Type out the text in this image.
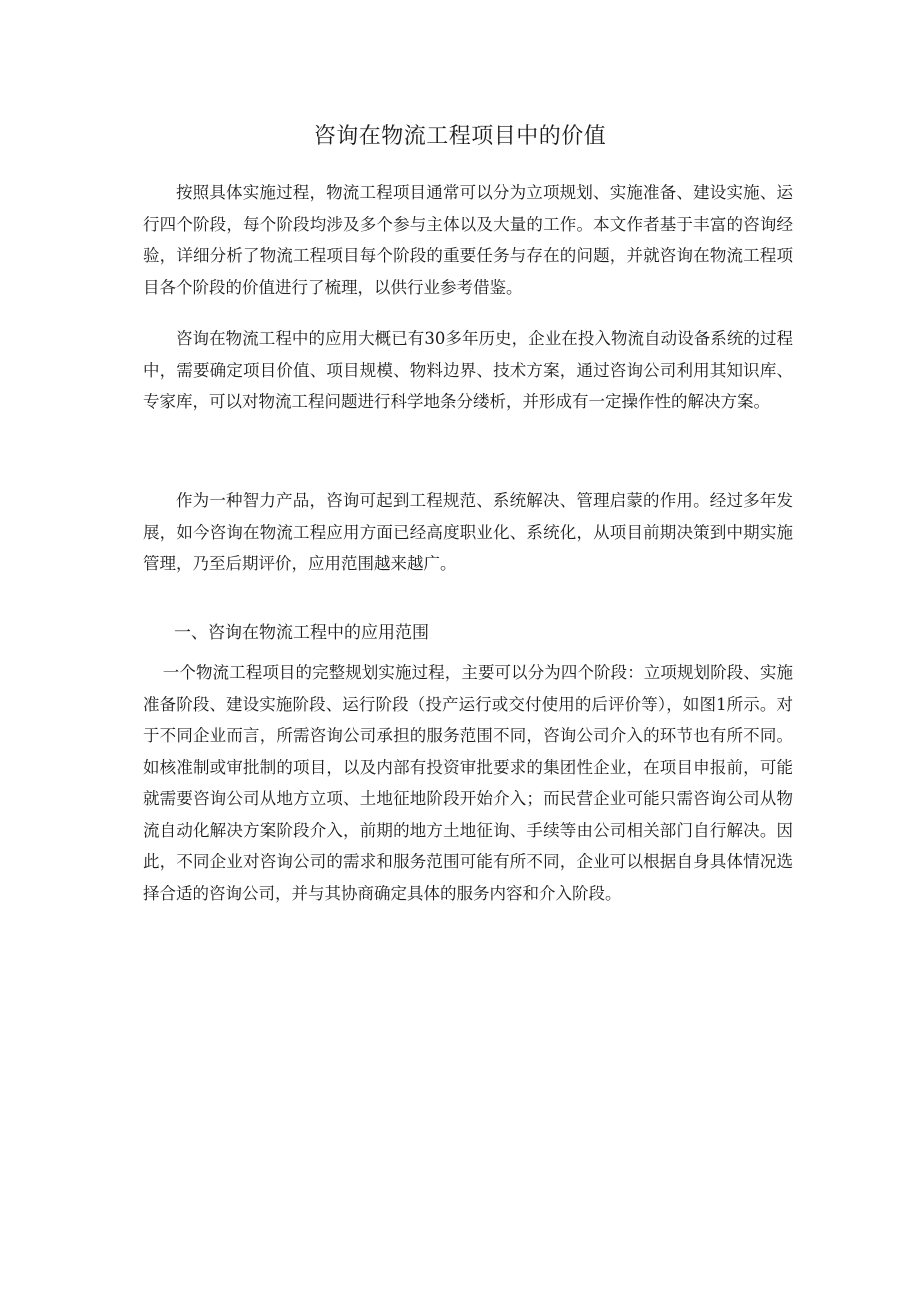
咨询在物流工程项目中的价值

按照具体实施过程，物流工程项目通常可以分为立项规划、实施准备、建设实施、运行四个阶段，每个阶段均涉及多个参与主体以及大量的工作。本文作者基于丰富的咨询经验，详细分析了物流工程项目每个阶段的重要任务与存在的问题，并就咨询在物流工程项目各个阶段的价值进行了梳理，以供行业参考借鉴。

咨询在物流工程中的应用大概已有30多年历史，企业在投入物流自动设备系统的过程中，需要确定项目价值、项目规模、物料边界、技术方案，通过咨询公司利用其知识库、专家库，可以对物流工程问题进行科学地条分缕析，并形成有一定操作性的解决方案。

作为一种智力产品，咨询可起到工程规范、系统解决、管理启蒙的作用。经过多年发展，如今咨询在物流工程应用方面已经高度职业化、系统化，从项目前期决策到中期实施管理，乃至后期评价，应用范围越来越广。

一、咨询在物流工程中的应用范围

一个物流工程项目的完整规划实施过程，主要可以分为四个阶段：立项规划阶段、实施准备阶段、建设实施阶段、运行阶段（投产运行或交付使用的后评价等），如图1所示。对于不同企业而言，所需咨询公司承担的服务范围不同，咨询公司介入的环节也有所不同。如核准制或审批制的项目，以及内部有投资审批要求的集团性企业，在项目申报前，可能就需要咨询公司从地方立项、土地征地阶段开始介入；而民营企业可能只需咨询公司从物流自动化解决方案阶段介入，前期的地方土地征询、手续等由公司相关部门自行解决。因此，不同企业对咨询公司的需求和服务范围可能有所不同，企业可以根据自身具体情况选择合适的咨询公司，并与其协商确定具体的服务内容和介入阶段。
